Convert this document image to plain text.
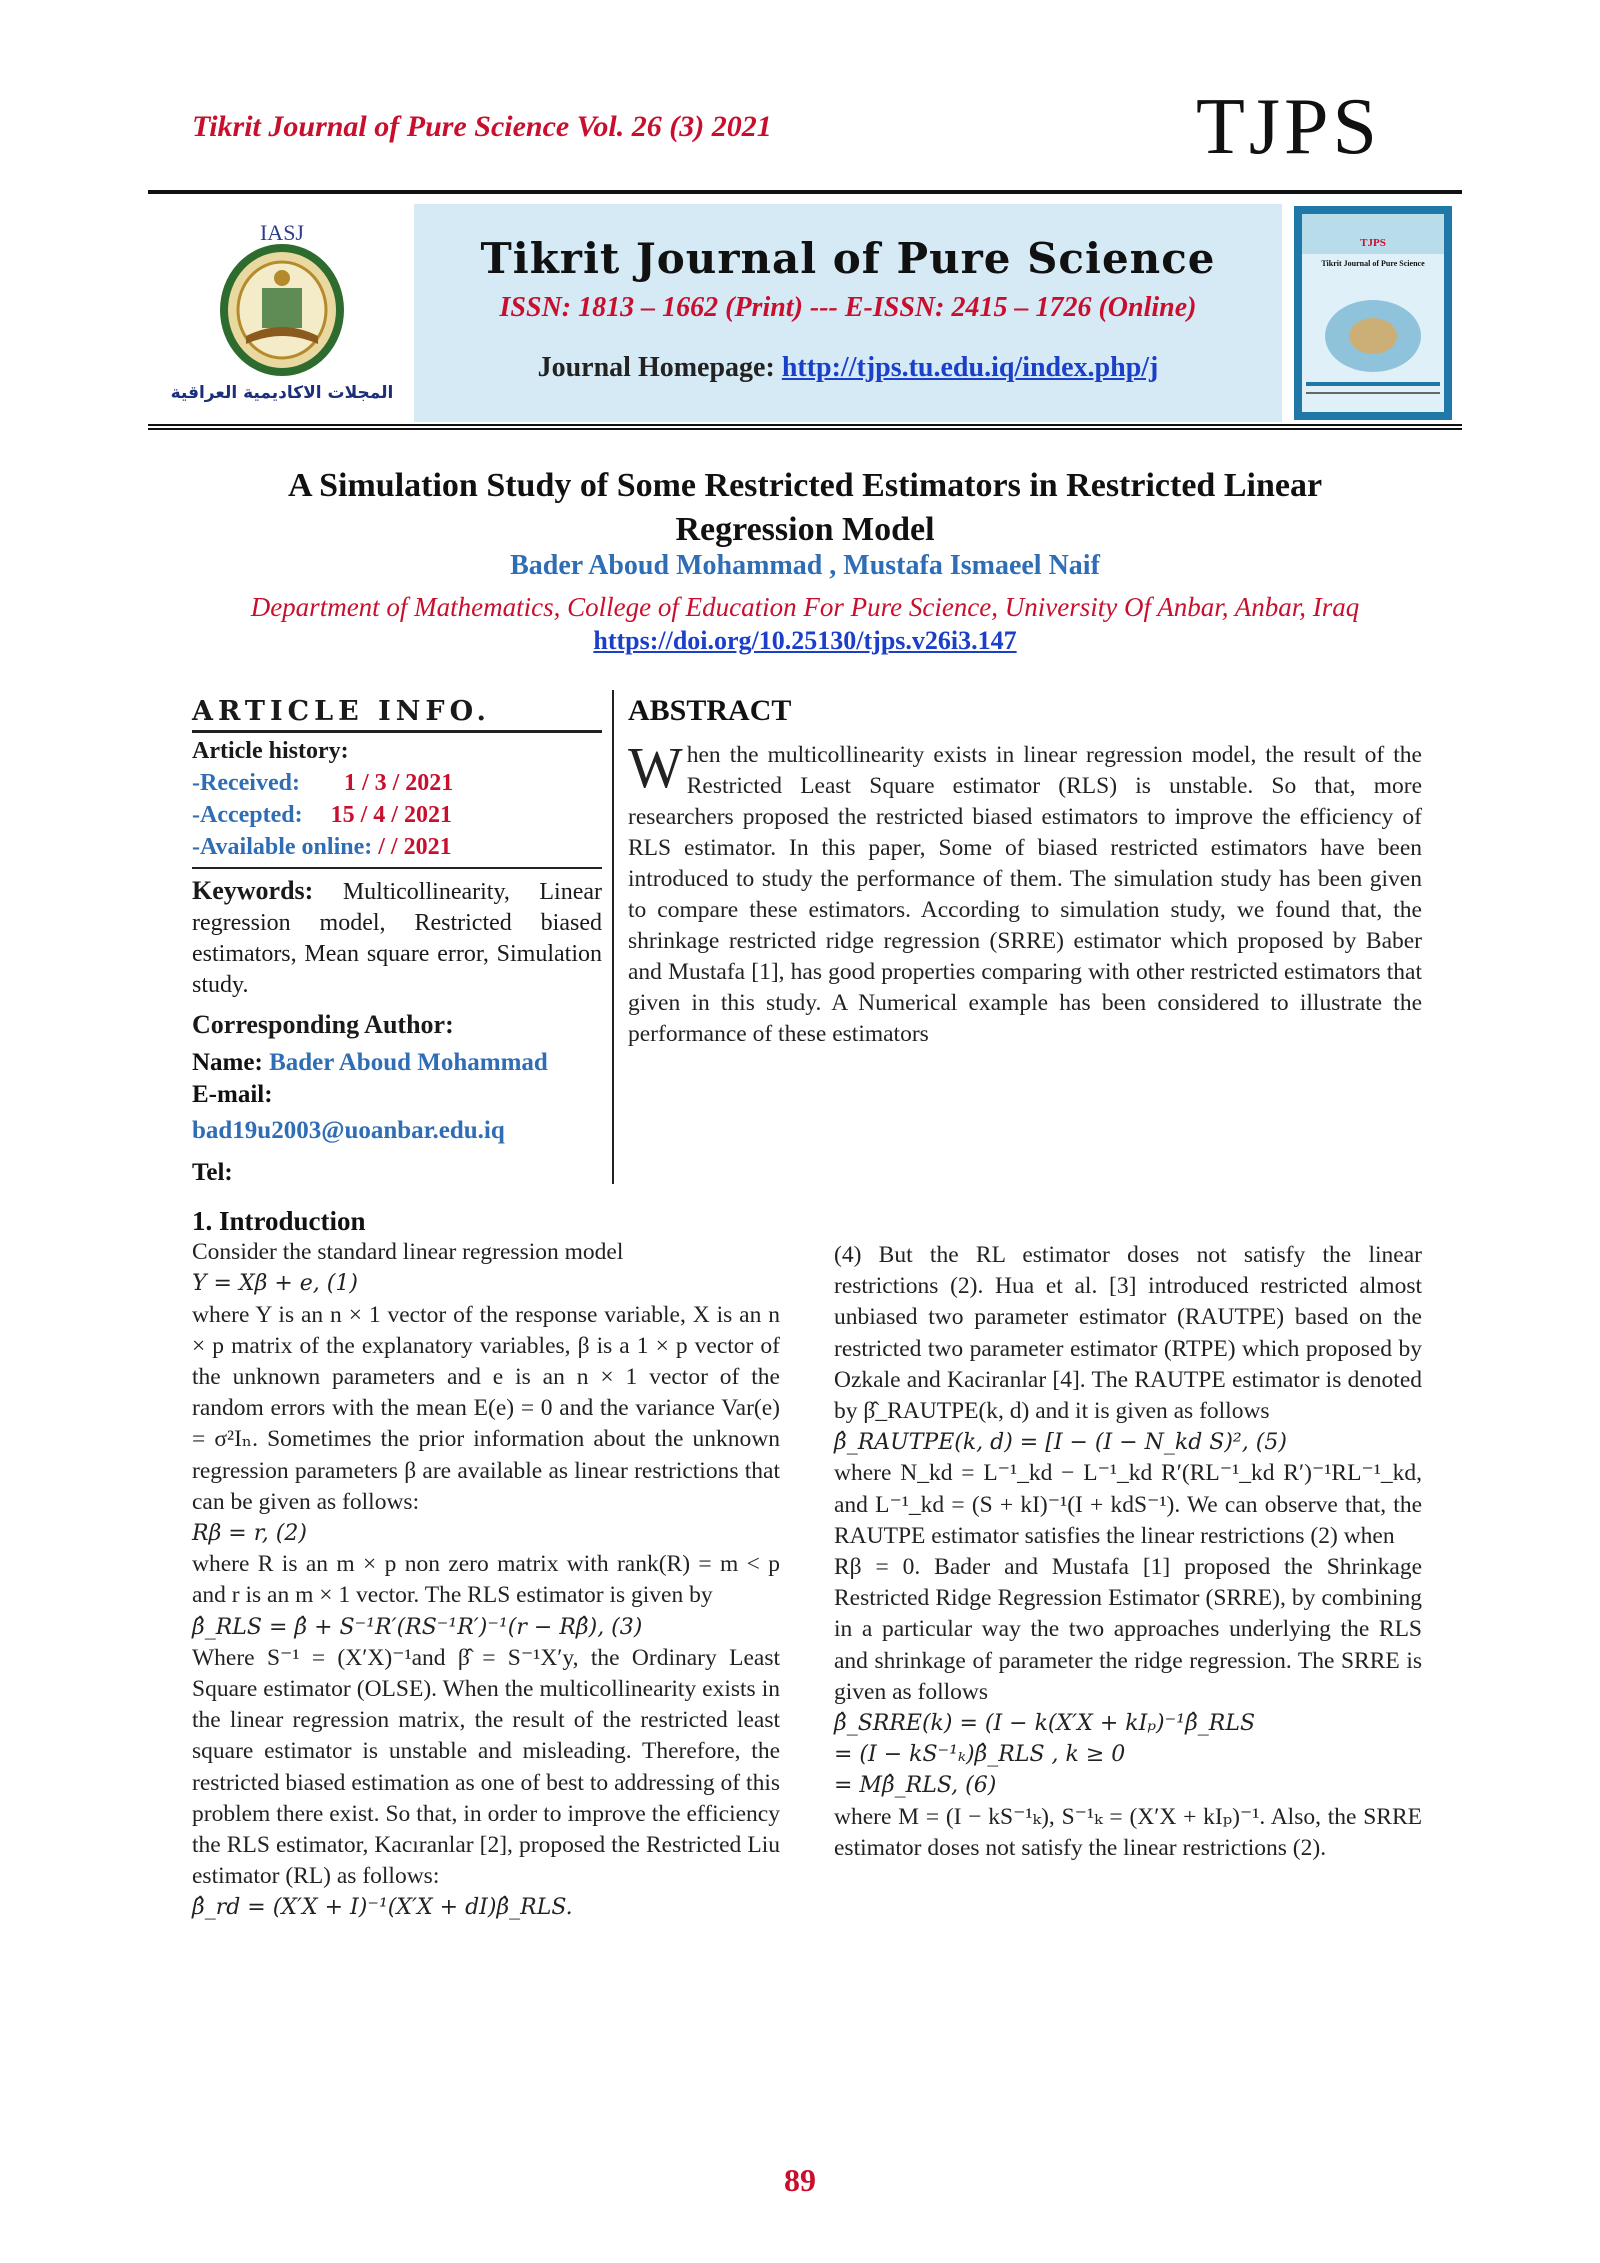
Tikrit Journal of Pure Science Vol. 26 (3) 2021	TJPS
IASJ
المجلات الاكاديمية العراقية
Tikrit Journal of Pure Science
ISSN: 1813 – 1662 (Print) --- E-ISSN: 2415 – 1726 (Online)
Journal Homepage: http://tjps.tu.edu.iq/index.php/j
TJPS
Tikrit Journal of Pure Science
A Simulation Study of Some Restricted Estimators in Restricted Linear
Regression Model
Bader Aboud Mohammad , Mustafa Ismaeel Naif
Department of Mathematics, College of Education For Pure Science, University Of Anbar, Anbar, Iraq
https://doi.org/10.25130/tjps.v26i3.147
ARTICLE INFO.
Article history:
-Received: 1 / 3 / 2021
-Accepted: 15 / 4 / 2021
-Available online: / / 2021
Keywords: Multicollinearity, Linear regression model, Restricted biased estimators, Mean square error, Simulation study.
Corresponding Author:
Name: Bader Aboud Mohammad
E-mail:
bad19u2003@uoanbar.edu.iq
Tel:
ABSTRACT
When the multicollinearity exists in linear regression model, the result of the Restricted Least Square estimator (RLS) is unstable. So that, more researchers proposed the restricted biased estimators to improve the efficiency of RLS estimator. In this paper, Some of biased restricted estimators have been introduced to study the performance of them. The simulation study has been given to compare these estimators. According to simulation study, we found that, the shrinkage restricted ridge regression (SRRE) estimator which proposed by Baber and Mustafa [1], has good properties comparing with other restricted estimators that given in this study. A Numerical example has been considered to illustrate the performance of these estimators
1. Introduction

Consider the standard linear regression model

Y = Xβ + e, (1)

where Y is an n × 1 vector of the response variable, X is an n × p matrix of the explanatory variables, β is a 1 × p vector of the unknown parameters and e is an n × 1 vector of the random errors with the mean E(e) = 0 and the variance Var(e) = σ²Iₙ. Sometimes the prior information about the unknown regression parameters β are available as linear restrictions that can be given as follows:

Rβ = r, (2)

where R is an m × p non zero matrix with rank(R) = m < p and r is an m × 1 vector. The RLS estimator is given by

β̂_RLS = β̂ + S⁻¹R′(RS⁻¹R′)⁻¹(r − Rβ̂), (3)

Where S⁻¹ = (X′X)⁻¹and β̂ = S⁻¹X′y, the Ordinary Least Square estimator (OLSE). When the multicollinearity exists in the linear regression matrix, the result of the restricted least square estimator is unstable and misleading. Therefore, the restricted biased estimation as one of best to addressing of this problem there exist. So that, in order to improve the efficiency the RLS estimator, Kacıranlar [2], proposed the Restricted Liu estimator (RL) as follows:

β̂_rd = (X′X + I)⁻¹(X′X + dI)β̂_RLS.

(4) But the RL estimator doses not satisfy the linear restrictions (2). Hua et al. [3] introduced restricted almost unbiased two parameter estimator (RAUTPE) based on the restricted two parameter estimator (RTPE) which proposed by Ozkale and Kaciranlar [4]. The RAUTPE estimator is denoted by β̂_RAUTPE(k, d) and it is given as follows

β̂_RAUTPE(k, d) = [I − (I − N_kd S)², (5)

where N_kd = L⁻¹_kd − L⁻¹_kd R′(RL⁻¹_kd R′)⁻¹RL⁻¹_kd, and L⁻¹_kd = (S + kI)⁻¹(I + kdS⁻¹). We can observe that, the RAUTPE estimator satisfies the linear restrictions (2) when

Rβ = 0. Bader and Mustafa [1] proposed the Shrinkage Restricted Ridge Regression Estimator (SRRE), by combining in a particular way the two approaches underlying the RLS and shrinkage of parameter the ridge regression. The SRRE is given as follows

β̂_SRRE(k) = (I − k(X′X + kIₚ)⁻¹β̂_RLS

= (I − kS⁻¹ₖ)β̂_RLS , k ≥ 0

= Mβ̂_RLS, (6)

where M = (I − kS⁻¹ₖ), S⁻¹ₖ = (X′X + kIₚ)⁻¹. Also, the SRRE estimator doses not satisfy the linear restrictions (2).

89
